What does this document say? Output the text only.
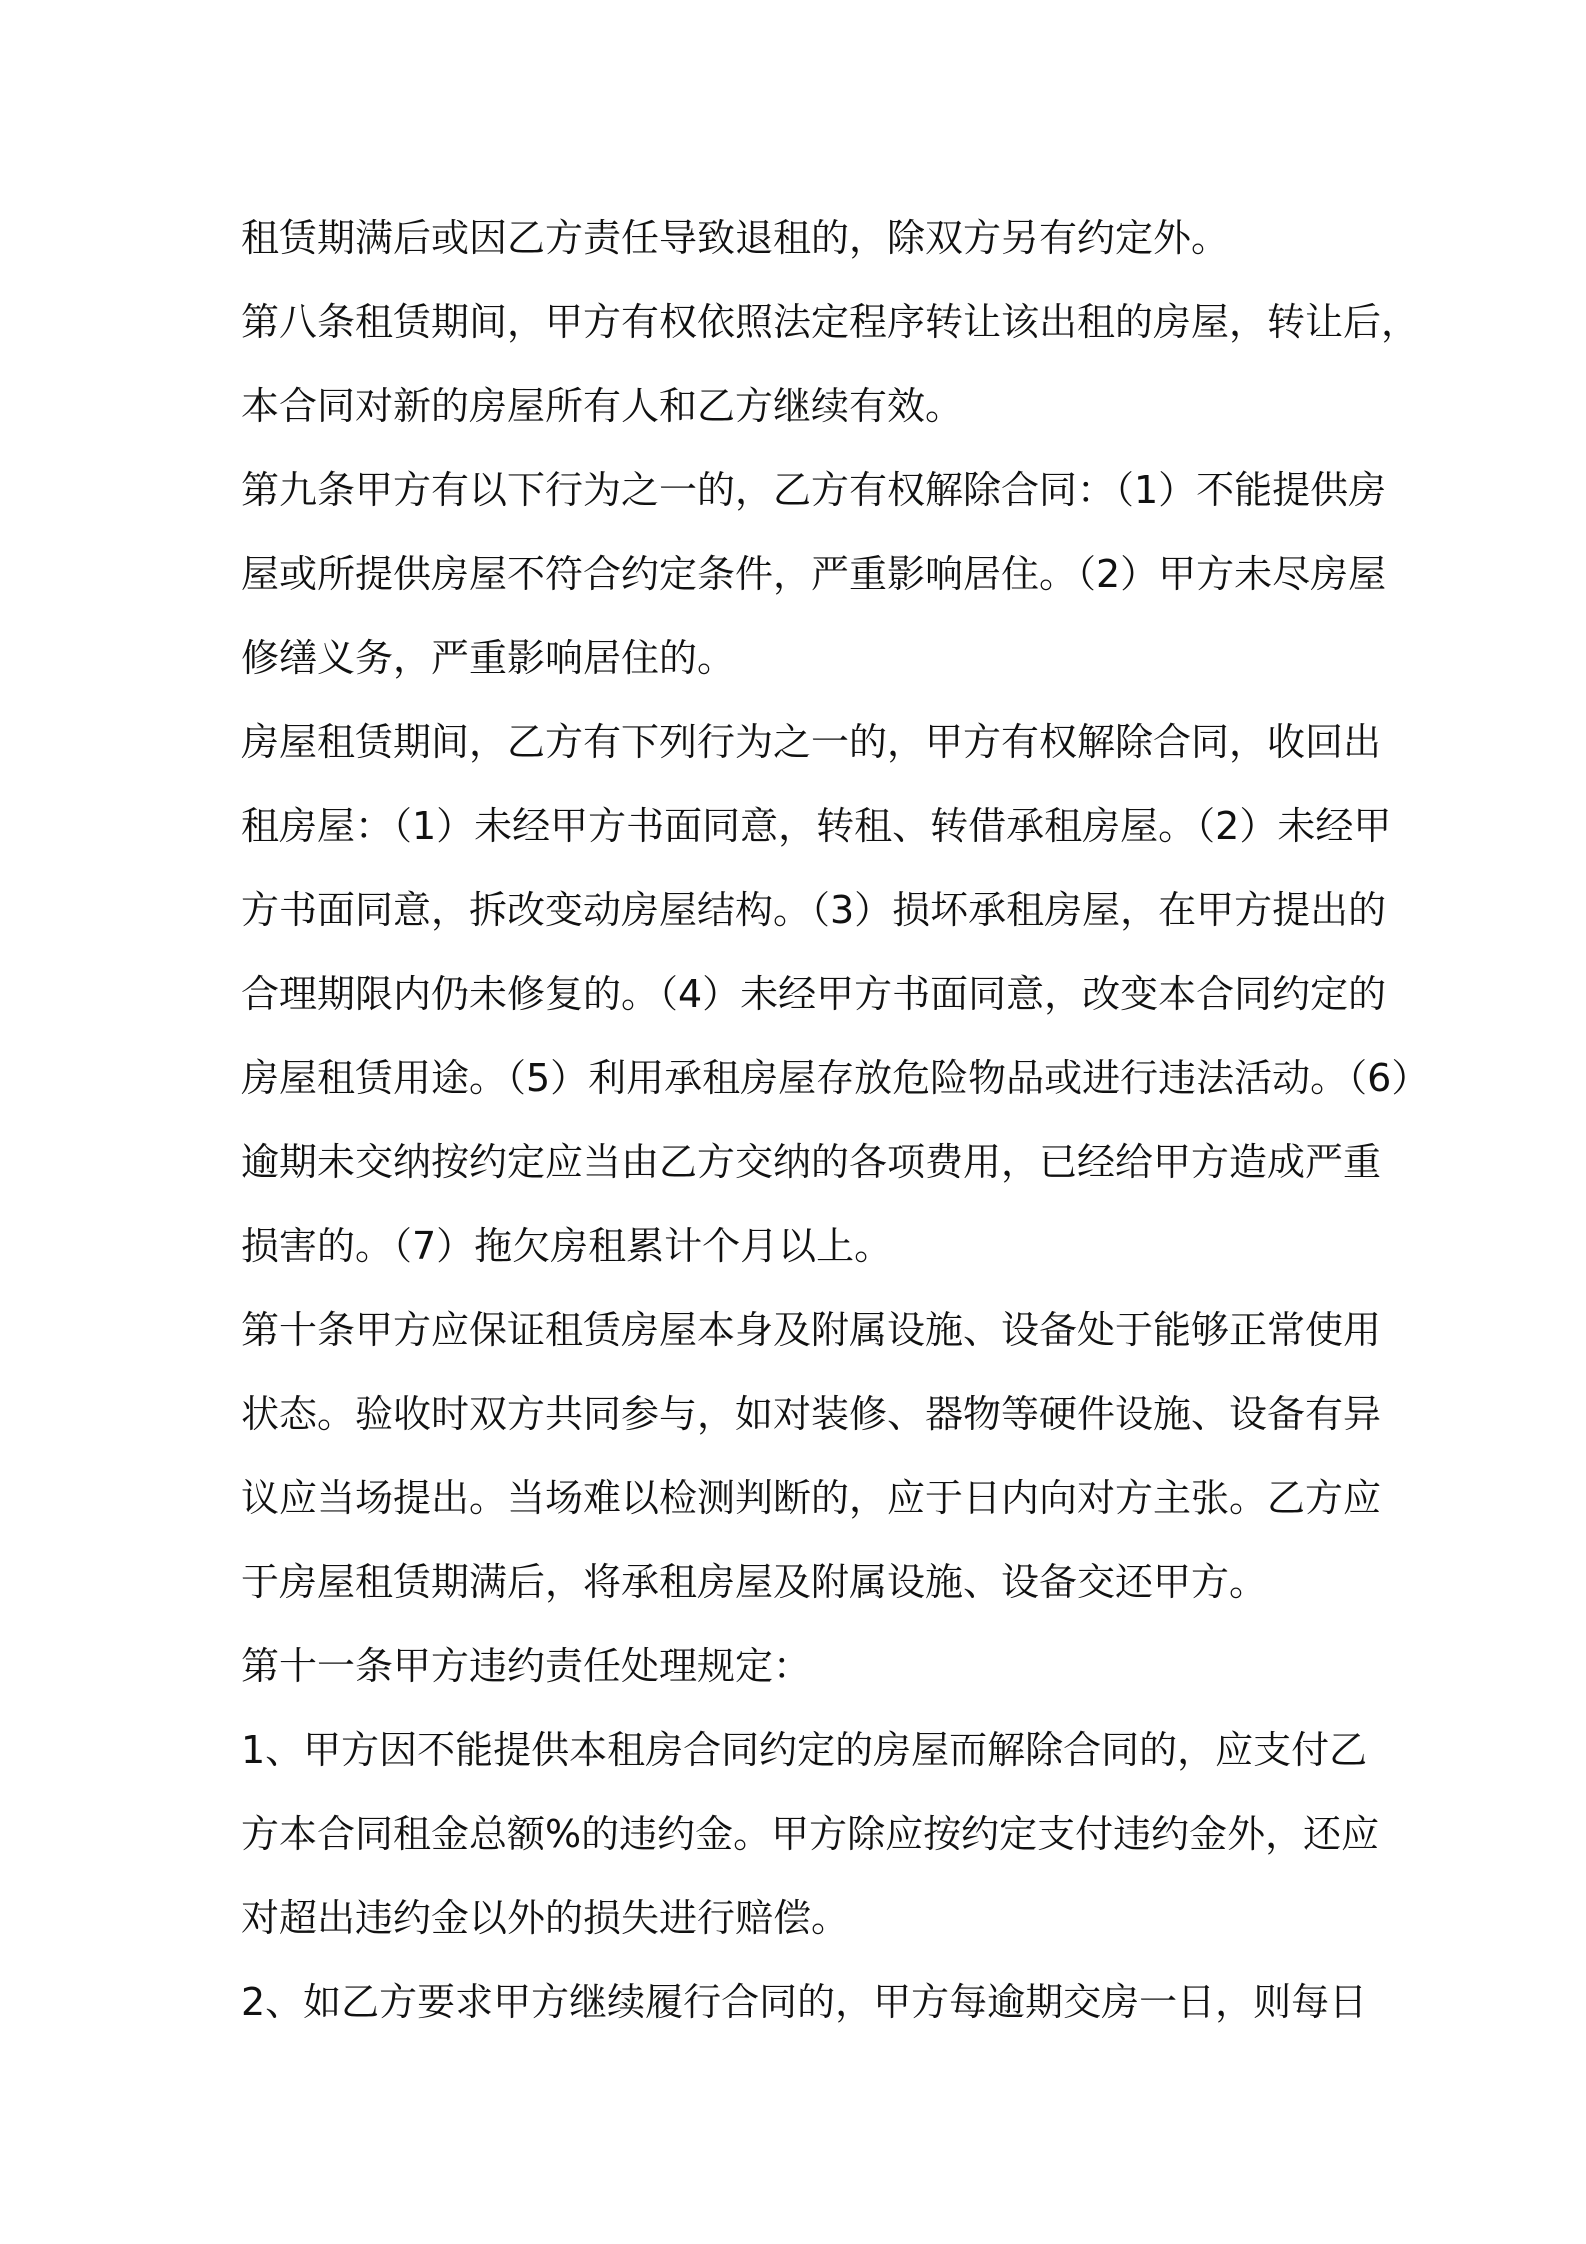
租赁期满后或因乙方责任导致退租的，除双方另有约定外。
第八条租赁期间，甲方有权依照法定程序转让该出租的房屋，转让后，
本合同对新的房屋所有人和乙方继续有效。
第九条甲方有以下行为之一的，乙方有权解除合同：（1）不能提供房
屋或所提供房屋不符合约定条件，严重影响居住。（2）甲方未尽房屋
修缮义务，严重影响居住的。
房屋租赁期间，乙方有下列行为之一的，甲方有权解除合同，收回出
租房屋：（1）未经甲方书面同意，转租、转借承租房屋。（2）未经甲
方书面同意，拆改变动房屋结构。（3）损坏承租房屋，在甲方提出的
合理期限内仍未修复的。（4）未经甲方书面同意，改变本合同约定的
房屋租赁用途。（5）利用承租房屋存放危险物品或进行违法活动。（6）
逾期未交纳按约定应当由乙方交纳的各项费用，已经给甲方造成严重
损害的。（7）拖欠房租累计个月以上。
第十条甲方应保证租赁房屋本身及附属设施、设备处于能够正常使用
状态。验收时双方共同参与，如对装修、器物等硬件设施、设备有异
议应当场提出。当场难以检测判断的，应于日内向对方主张。乙方应
于房屋租赁期满后，将承租房屋及附属设施、设备交还甲方。
第十一条甲方违约责任处理规定：
1、甲方因不能提供本租房合同约定的房屋而解除合同的，应支付乙
方本合同租金总额%的违约金。甲方除应按约定支付违约金外，还应
对超出违约金以外的损失进行赔偿。
2、如乙方要求甲方继续履行合同的，甲方每逾期交房一日，则每日
